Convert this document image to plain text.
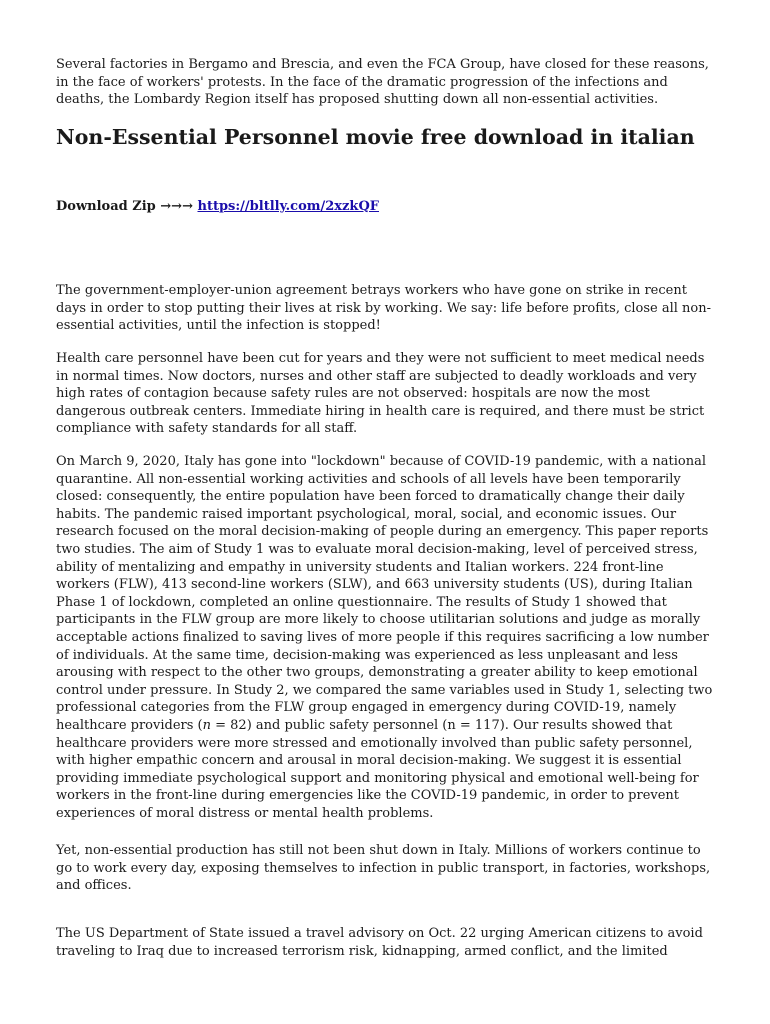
Several factories in Bergamo and Brescia, and even the FCA Group, have closed for these reasons, in the face of workers' protests. In the face of the dramatic progression of the infections and deaths, the Lombardy Region itself has proposed shutting down all non-essential activities.

Non-Essential Personnel movie free download in italian
Download Zip →→→ https://bltlly.com/2xzkQF

The government-employer-union agreement betrays workers who have gone on strike in recent days in order to stop putting their lives at risk by working. We say: life before profits, close all non-essential activities, until the infection is stopped!

Health care personnel have been cut for years and they were not sufficient to meet medical needs in normal times. Now doctors, nurses and other staff are subjected to deadly workloads and very high rates of contagion because safety rules are not observed: hospitals are now the most dangerous outbreak centers. Immediate hiring in health care is required, and there must be strict compliance with safety standards for all staff.

On March 9, 2020, Italy has gone into "lockdown" because of COVID-19 pandemic, with a national quarantine. All non-essential working activities and schools of all levels have been temporarily closed: consequently, the entire population have been forced to dramatically change their daily habits. The pandemic raised important psychological, moral, social, and economic issues. Our research focused on the moral decision-making of people during an emergency. This paper reports two studies. The aim of Study 1 was to evaluate moral decision-making, level of perceived stress, ability of mentalizing and empathy in university students and Italian workers. 224 front-line workers (FLW), 413 second-line workers (SLW), and 663 university students (US), during Italian Phase 1 of lockdown, completed an online questionnaire. The results of Study 1 showed that participants in the FLW group are more likely to choose utilitarian solutions and judge as morally acceptable actions finalized to saving lives of more people if this requires sacrificing a low number of individuals. At the same time, decision-making was experienced as less unpleasant and less arousing with respect to the other two groups, demonstrating a greater ability to keep emotional control under pressure. In Study 2, we compared the same variables used in Study 1, selecting two professional categories from the FLW group engaged in emergency during COVID-19, namely healthcare providers (n = 82) and public safety personnel (n = 117). Our results showed that healthcare providers were more stressed and emotionally involved than public safety personnel, with higher empathic concern and arousal in moral decision-making. We suggest it is essential providing immediate psychological support and monitoring physical and emotional well-being for workers in the front-line during emergencies like the COVID-19 pandemic, in order to prevent experiences of moral distress or mental health problems.

Yet, non-essential production has still not been shut down in Italy. Millions of workers continue to go to work every day, exposing themselves to infection in public transport, in factories, workshops, and offices.

The US Department of State issued a travel advisory on Oct. 22 urging American citizens to avoid traveling to Iraq due to increased terrorism risk, kidnapping, armed conflict, and the limited
